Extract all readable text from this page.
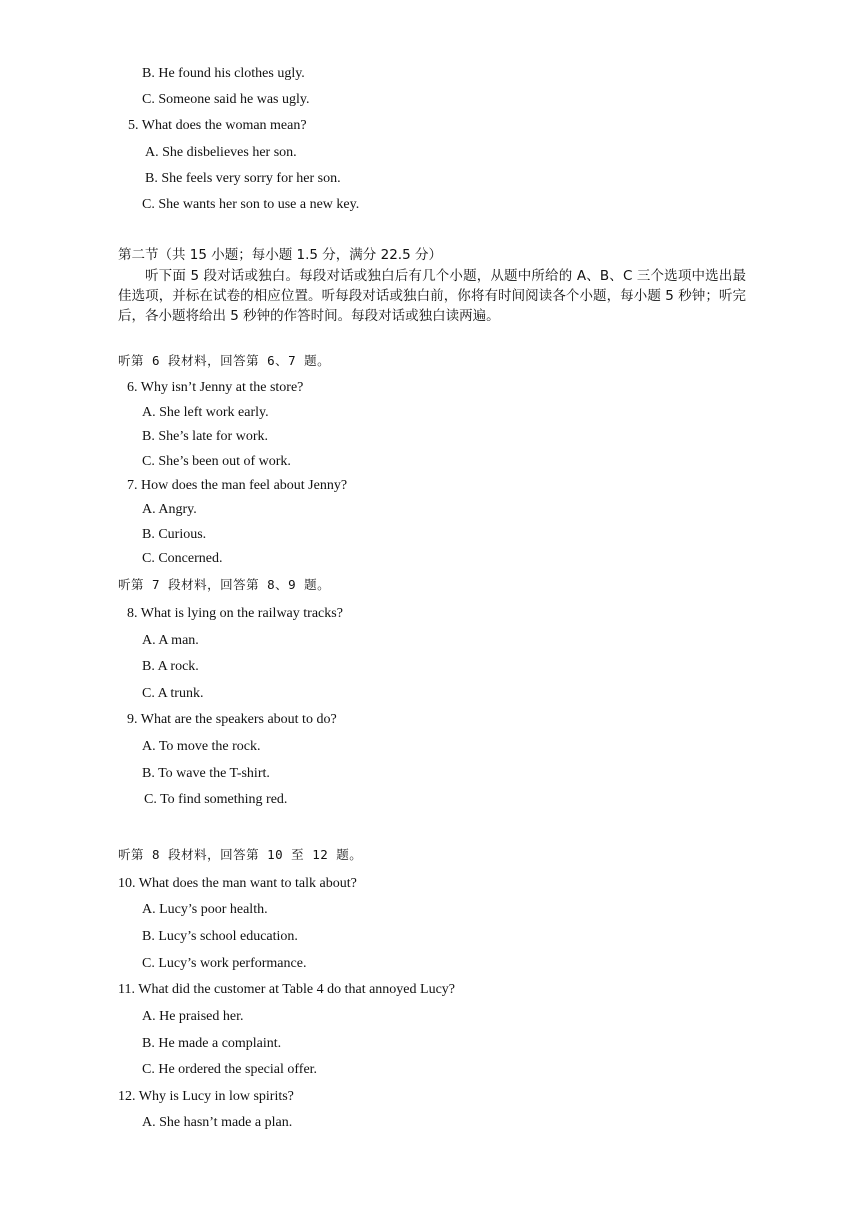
B. He found his clothes ugly.
C. Someone said he was ugly.
5. What does the woman mean?
A. She disbelieves her son.
B. She feels very sorry for her son.
C. She wants her son to use a new key.
第二节（共 15 小题；每小题 1.5 分，满分 22.5 分）
听下面 5 段对话或独白。每段对话或独白后有几个小题，从题中所给的 A、B、C 三个选项中选出最佳选项，并标在试卷的相应位置。听每段对话或独白前，你将有时间阅读各个小题，每小题 5 秒钟；听完后，各小题将给出 5 秒钟的作答时间。每段对话或独白读两遍。
听第 6 段材料，回答第 6、7 题。
6. Why isn’t Jenny at the store?
A. She left work early.
B. She’s late for work.
C. She’s been out of work.
7. How does the man feel about Jenny?
A. Angry.
B. Curious.
C. Concerned.
听第 7 段材料，回答第 8、9 题。
8. What is lying on the railway tracks?
A. A man.
B. A rock.
C. A trunk.
9. What are the speakers about to do?
A. To move the rock.
B. To wave the T-shirt.
C. To find something red.
听第 8 段材料，回答第 10 至 12 题。
10. What does the man want to talk about?
A. Lucy’s poor health.
B. Lucy’s school education.
C. Lucy’s work performance.
11. What did the customer at Table 4 do that annoyed Lucy?
A. He praised her.
B. He made a complaint.
C. He ordered the special offer.
12. Why is Lucy in low spirits?
A. She hasn’t made a plan.
